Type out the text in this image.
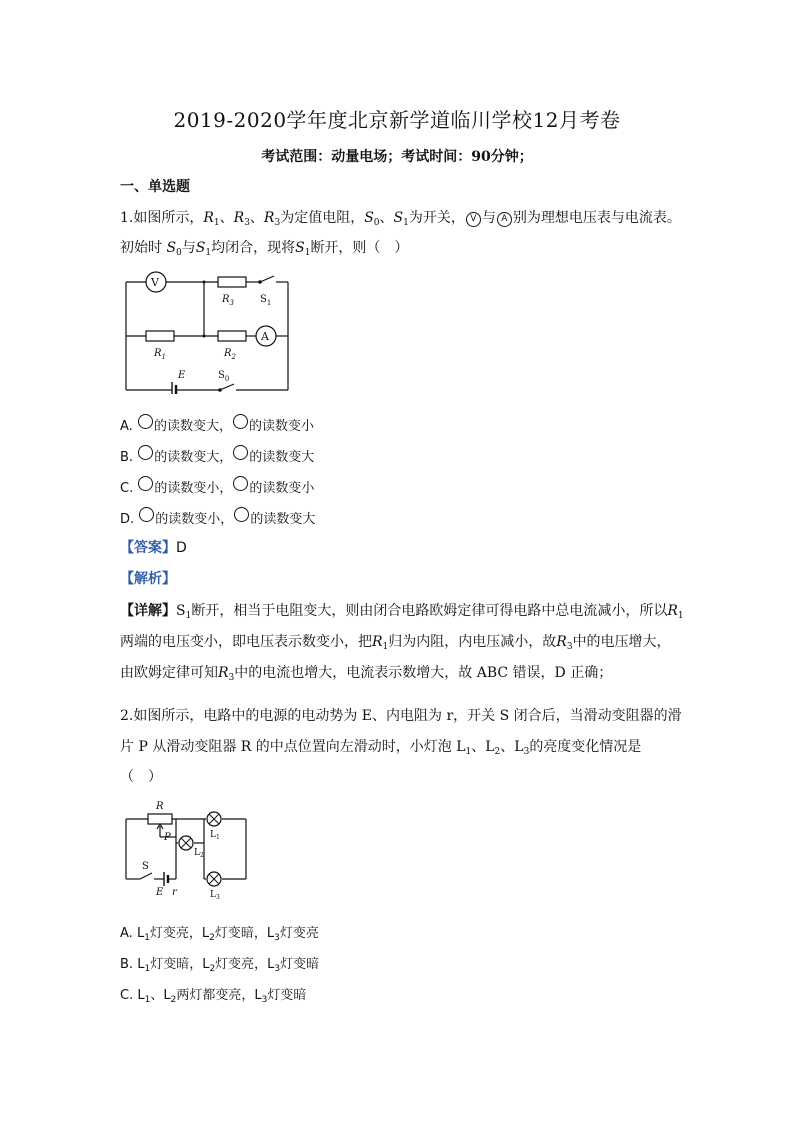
2019-2020学年度北京新学道临川学校12月考卷
考试范围：动量电场；考试时间：90分钟；
一、单选题
1.如图所示，$R_1$、$R_3$、$R_3$为定值电阻，$S_0$、$S_1$为开关， V 与 A 别为理想电压表与电流表。
初始时 $S_0$与$S_1$均闭合，现将$S_1$断开，则（　）
V
A
$R_3$	$S_1$
$R_1$	$R_2$
E	$S_0$
A. 的读数变大， 的读数变小
B. 的读数变大， 的读数变大
C. 的读数变小， 的读数变小
D. 的读数变小， 的读数变大
【答案】D
【解析】
【详解】$S_1$断开，相当于电阻变大，则由闭合电路欧姆定律可得电路中总电流减小，所以$R_1$
两端的电压变小，即电压表示数变小，把$R_1$归为内阻，内电压减小，故$R_3$中的电压增大，
由欧姆定律可知$R_3$中的电流也增大，电流表示数增大，故 ABC 错误，D 正确；
2.如图所示，电路中的电源的电动势为 E、内电阻为 r，开关 S 闭合后，当滑动变阻器的滑
片 P 从滑动变阻器 R 的中点位置向左滑动时，小灯泡 $L_1$、$L_2$、$L_3$的亮度变化情况是
（　）
R
P	$L_1$
$L_2$
$L_3$
S
E r
A. $L_1$灯变亮，$L_2$灯变暗，$L_3$灯变亮
B. $L_1$灯变暗，$L_2$灯变亮，$L_3$灯变暗
C. $L_1$、$L_2$两灯都变亮，$L_3$灯变暗
